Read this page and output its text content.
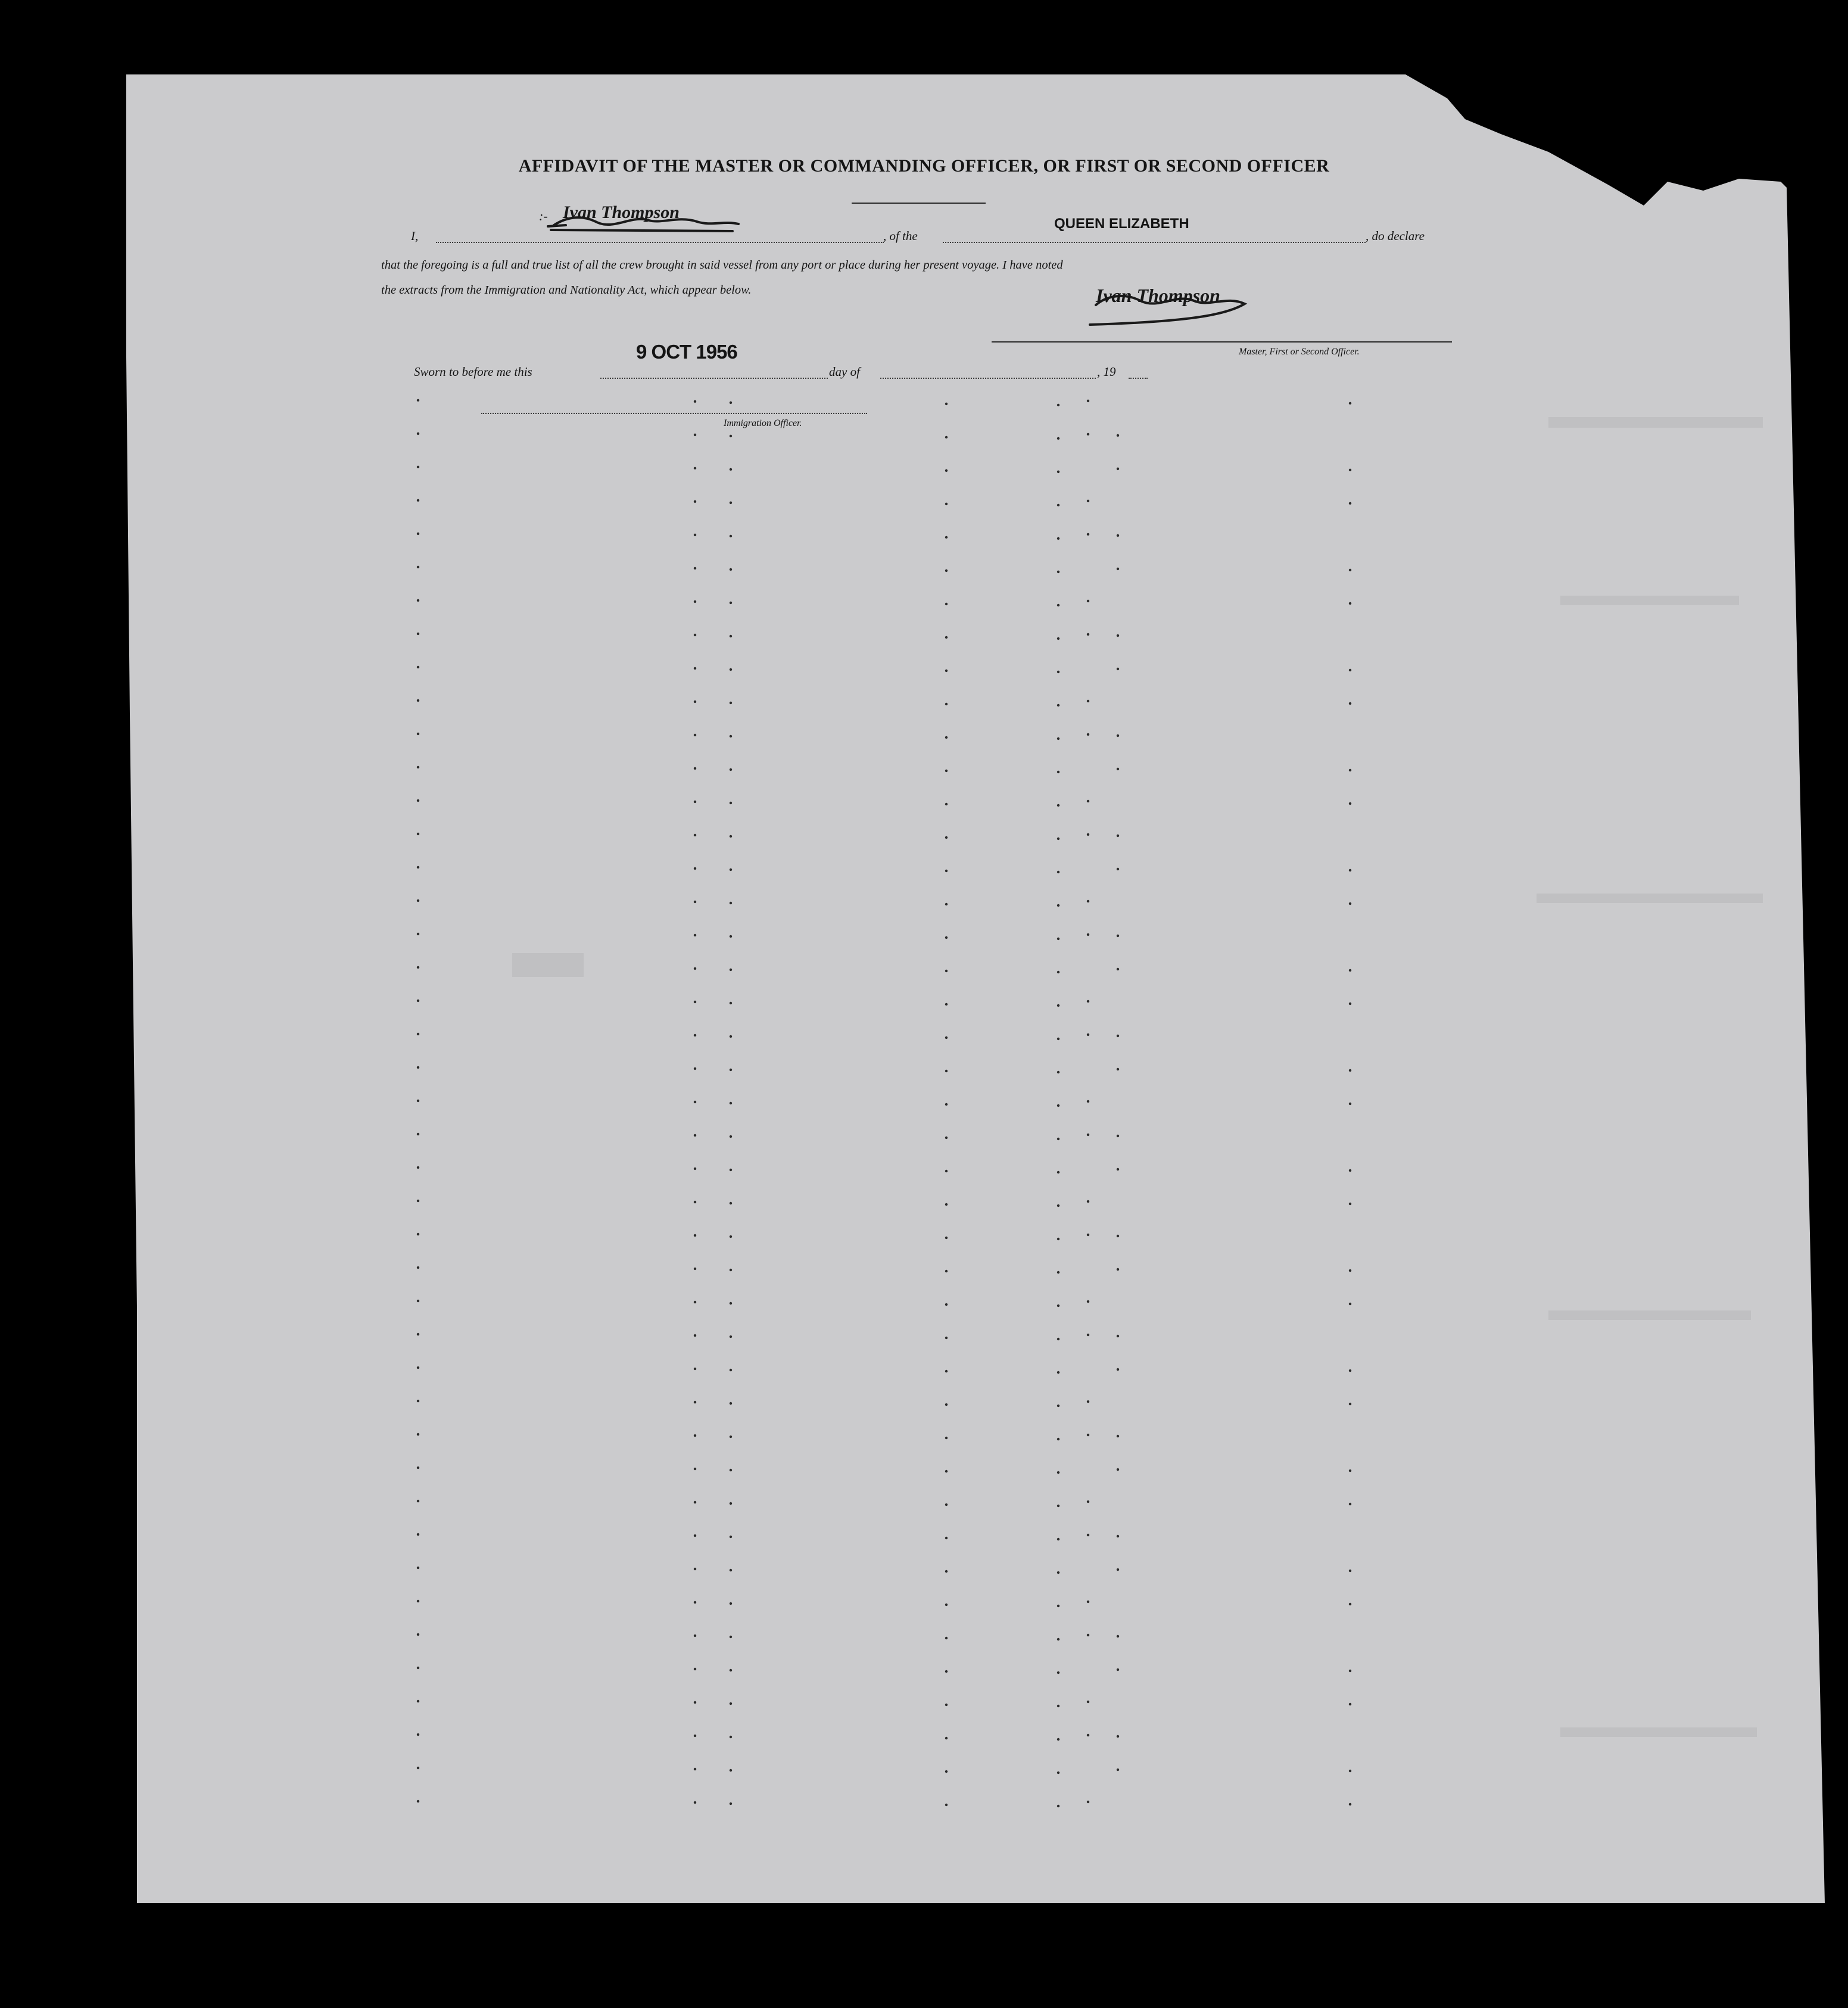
AFFIDAVIT OF THE MASTER OR COMMANDING OFFICER, OR FIRST OR SECOND OFFICER
I,
:- Ivan Thompson
, of the
QUEEN ELIZABETH
, do declare
that the foregoing is a full and true list of all the crew brought in said vessel from any port or place during her present voyage. I have noted
the extracts from the Immigration and Nationality Act, which appear below.	Ivan Thompson
Master, First or Second Officer.
Sworn to before me this
9 OCT 1956
day of	, 19
Immigration Officer.
